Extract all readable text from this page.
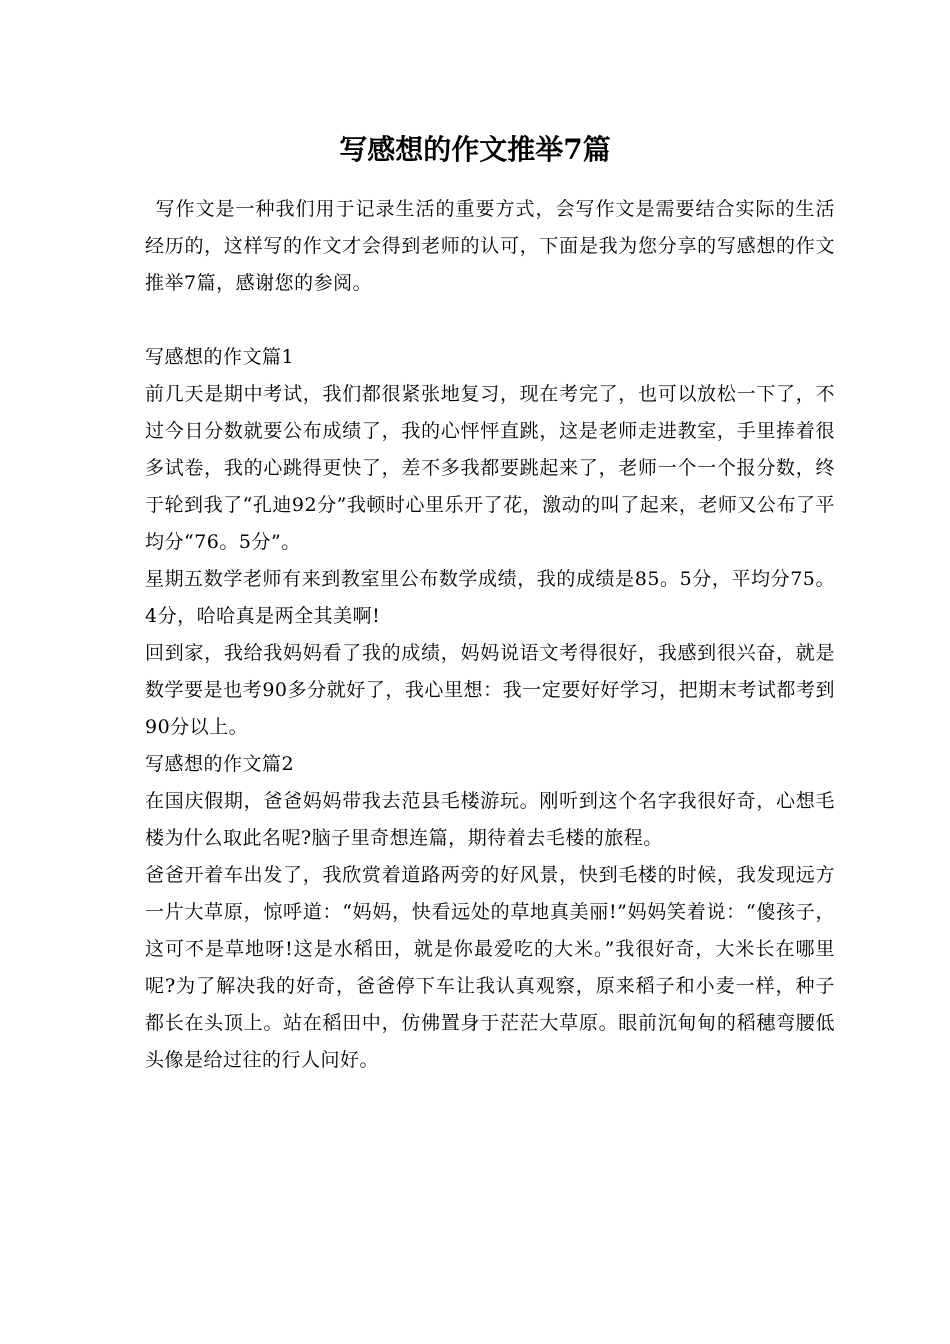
写感想的作文推举7篇

写作文是一种我们用于记录生活的重要方式，会写作文是需要结合实际的生活经历的，这样写的作文才会得到老师的认可，下面是我为您分享的写感想的作文推举7篇，感谢您的参阅。

写感想的作文篇1

前几天是期中考试，我们都很紧张地复习，现在考完了，也可以放松一下了，不过今日分数就要公布成绩了，我的心怦怦直跳，这是老师走进教室，手里捧着很多试卷，我的心跳得更快了，差不多我都要跳起来了，老师一个一个报分数，终于轮到我了“孔迪92分”我顿时心里乐开了花，激动的叫了起来，老师又公布了平均分“76。5分”。

星期五数学老师有来到教室里公布数学成绩，我的成绩是85。5分，平均分75。4分，哈哈真是两全其美啊!

回到家，我给我妈妈看了我的成绩，妈妈说语文考得很好，我感到很兴奋，就是数学要是也考90多分就好了，我心里想：我一定要好好学习，把期末考试都考到90分以上。

写感想的作文篇2

在国庆假期，爸爸妈妈带我去范县毛楼游玩。刚听到这个名字我很好奇，心想毛楼为什么取此名呢?脑子里奇想连篇，期待着去毛楼的旅程。

爸爸开着车出发了，我欣赏着道路两旁的好风景，快到毛楼的时候，我发现远方一片大草原，惊呼道：“妈妈，快看远处的草地真美丽!”妈妈笑着说：“傻孩子，这可不是草地呀!这是水稻田，就是你最爱吃的大米。”我很好奇，大米长在哪里呢?为了解决我的好奇，爸爸停下车让我认真观察，原来稻子和小麦一样，种子都长在头顶上。站在稻田中，仿佛置身于茫茫大草原。眼前沉甸甸的稻穗弯腰低头像是给过往的行人问好。
